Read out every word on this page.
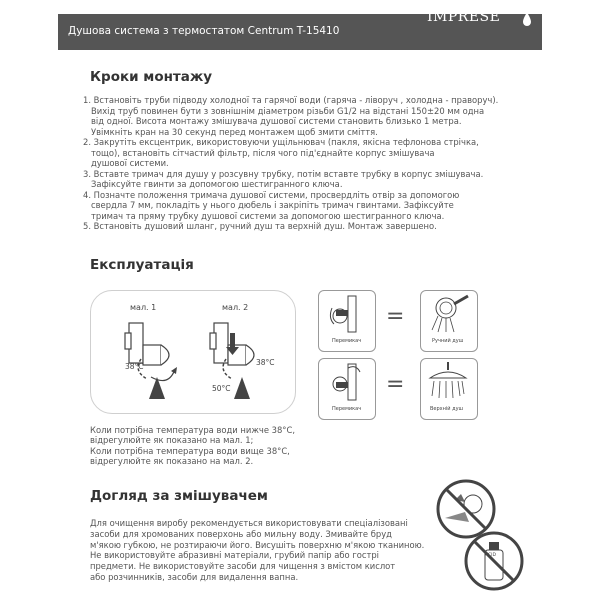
Душова система з термостатом Centrum T-15410
IMPRESE
Кроки монтажу
1. Встановіть труби підводу холодної та гарячої води (гаряча - ліворуч , холодна - праворуч).
Вихід труб повинен бути з зовнішнім діаметром різьби G1/2 на відстані 150±20 мм одна
від одної. Висота монтажу змішувача душової системи становить близько 1 метра.
Увімкніть кран на 30 секунд перед монтажем щоб змити сміття.
2. Закрутіть ексцентрик, використовуючи ущільнювач (пакля, якісна тефлонова стрічка,
тощо), встановіть сітчастий фільтр, після чого під'єднайте корпус змішувача
душової системи.
3. Вставте тримач для душу у розсувну трубку, потім вставте трубку в корпус змішувача.
Зафіксуйте гвинти за допомогою шестигранного ключа.
4. Позначте положення тримача душової системи, просвердліть отвір за допомогою
свердла 7 мм, покладіть у нього дюбель і закріпіть тримач гвинтами. Зафіксуйте
тримач та пряму трубку душової системи за допомогою шестигранного ключа.
5. Встановіть душовий шланг, ручний душ та верхній душ. Монтаж завершено.
Експлуатація
мал. 1	мал. 2
38°C	38°C
50°C
Перемикач
Перемикач
=
=
Ручний душ
Верхній душ
Коли потрібна температура води нижче 38°C,
відрегулюйте як показано на мал. 1;
Коли потрібна температура води вище 38°C,
відрегулюйте як показано на мал. 2.
Догляд за змішувачем
Для очищення виробу рекомендується використовувати спеціалізовані
засоби для хромованих поверхонь або мильну воду. Змивайте бруд
м'якою губкою, не розтираючи його. Висушіть поверхню м'якою тканиною.
Не використовуйте абразивні матеріали, грубий папір або гострі
предмети. Не використовуйте засоби для чищення з вмістом кислот
або розчинників, засоби для видалення вапна.
ACID
